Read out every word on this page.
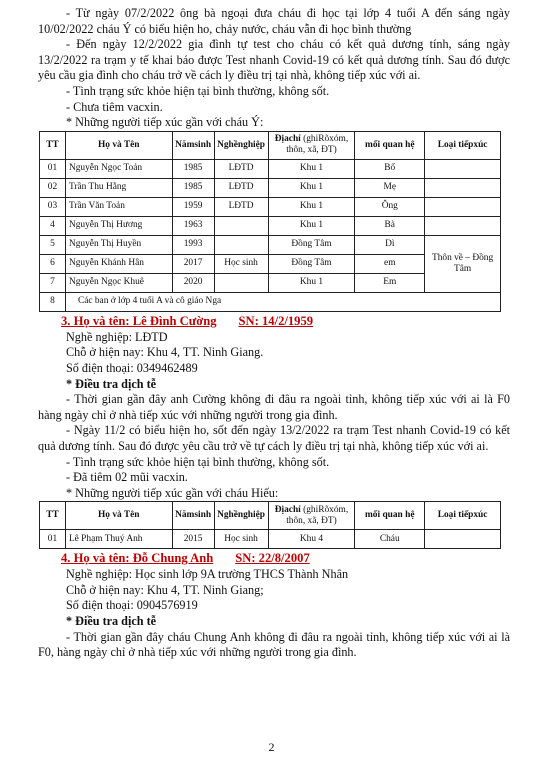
- Từ ngày 07/2/2022 ông bà ngoại đưa cháu đi học tại lớp 4 tuổi A đến sáng ngày 10/02/2022 cháu Ý có biểu hiện ho, chảy nước, cháu vẫn đi học bình thường

- Đến ngày 12/2/2022 gia đình tự test cho cháu có kết quả dương tính, sáng ngày 13/2/2022 ra trạm y tế khai báo được Test nhanh Covid-19 có kết quả dương tính. Sau đó được yêu cầu gia đình cho cháu trở về cách ly điều trị tại nhà, không tiếp xúc với ai.

- Tình trạng sức khỏe hiện tại bình thường, không sốt.

- Chưa tiêm vacxin.

* Những người tiếp xúc gần với cháu Ý:

TT	Họ và Tên	Nămsinh	Nghềnghiệp	Địachỉ (ghiRõxóm, thôn, xã, ĐT)	mối quan hệ	Loại tiếpxúc
01	Nguyễn Ngọc Toản	1985	LĐTD	Khu 1	Bố	
02	Trần Thu Hằng	1985	LĐTD	Khu 1	Mẹ	
03	Trần Văn Toản	1959	LĐTD	Khu 1	Ông	
4	Nguyễn Thị Hương	1963		Khu 1	Bà	
5	Nguyễn Thị Huyền	1993		Đồng Tâm	Dì	Thôn về – Đồng Tâm
6	Nguyễn Khánh Hân	2017	Học sinh	Đồng Tâm	em	
7	Nguyễn Ngọc Khuê	2020		Khu 1	Em	
8	Các ban ở lớp 4 tuổi A và cô giáo Nga					
3. Họ và tên: Lê Đình Cường SN: 14/2/1959

Nghề nghiệp: LĐTD

Chỗ ở hiện nay: Khu 4, TT. Ninh Giang.

Số điện thoại: 0349462489

* Điều tra dịch tễ

- Thời gian gần đây anh Cường không đi đâu ra ngoài tỉnh, không tiếp xúc với ai là F0 hàng ngày chỉ ở nhà tiếp xúc với những người trong gia đình.

- Ngày 11/2 có biểu hiện ho, sốt đến ngày 13/2/2022 ra trạm Test nhanh Covid-19 có kết quả dương tính. Sau đó được yêu cầu trở về tự cách ly điều trị tại nhà, không tiếp xúc với ai.

- Tình trạng sức khỏe hiện tại bình thường, không sốt.

- Đã tiêm 02 mũi vacxin.

* Những người tiếp xúc gần với cháu Hiếu:

TT	Họ và Tên	Nămsinh	Nghềnghiệp	Địachỉ (ghiRõxóm, thôn, xã, ĐT)	mối quan hệ	Loại tiếpxúc
01	Lê Phạm Thuý Anh	2015	Học sinh	Khu 4	Cháu	
4. Họ và tên: Đỗ Chung Anh SN: 22/8/2007

Nghề nghiệp: Học sinh lớp 9A trường THCS Thành Nhân

Chỗ ở hiện nay: Khu 4, TT. Ninh Giang;

Số điện thoại: 0904576919

* Điều tra dịch tễ

- Thời gian gần đây cháu Chung Anh không đi đâu ra ngoài tỉnh, không tiếp xúc với ai là F0, hàng ngày chỉ ở nhà tiếp xúc với những người trong gia đình.

2
